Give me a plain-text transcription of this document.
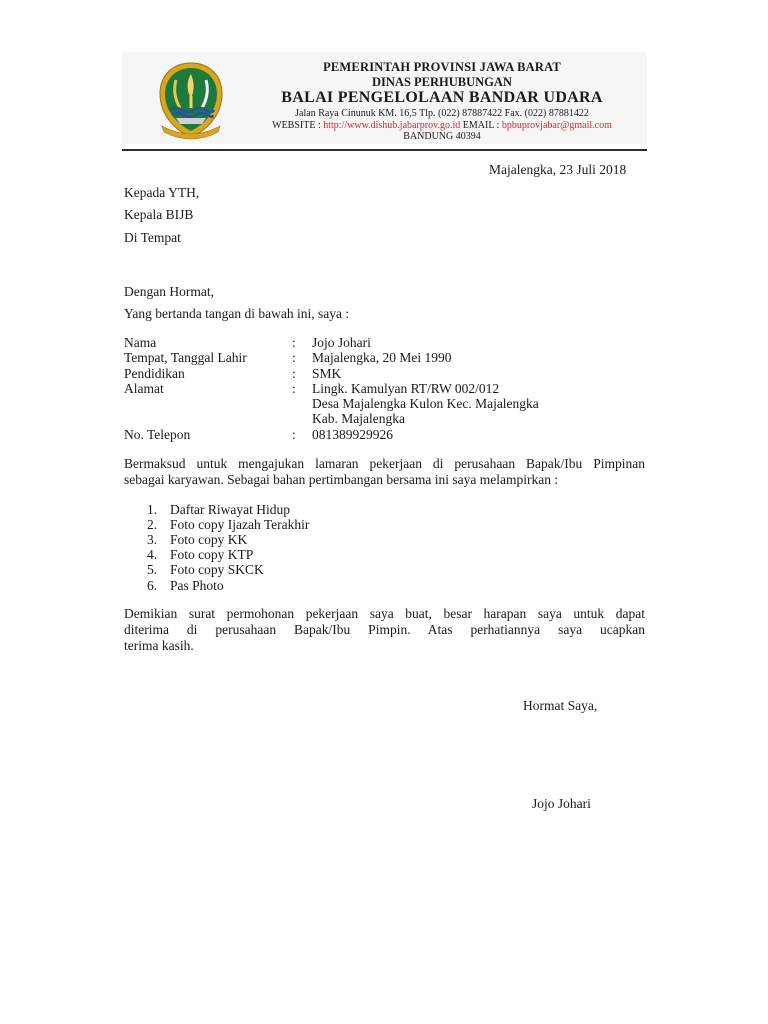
PEMERINTAH PROVINSI JAWA BARAT
DINAS PERHUBUNGAN
BALAI PENGELOLAAN BANDAR UDARA
Jalan Raya Cinunuk KM. 16,5 Tlp. (022) 87887422 Fax. (022) 87881422
WEBSITE : http://www.dishub.jabarprov.go.id EMAIL : bpbuprovjabar@gmail.com
BANDUNG 40394
Majalengka, 23 Juli 2018
Kepada YTH,
Kepala BIJB
Di Tempat
Dengan Hormat,
Yang bertanda tangan di bawah ini, saya :
Nama	: Jojo Johari
Tempat, Tanggal Lahir	: Majalengka, 20 Mei 1990
Pendidikan	: SMK
Alamat	: Lingk. Kamulyan RT/RW 002/012
Desa Majalengka Kulon Kec. Majalengka
Kab. Majalengka
No. Telepon	: 081389929926
Bermaksud untuk mengajukan lamaran pekerjaan di perusahaan Bapak/Ibu Pimpinan
sebagai karyawan. Sebagai bahan pertimbangan bersama ini saya melampirkan :
1. Daftar Riwayat Hidup
2. Foto copy Ijazah Terakhir
3. Foto copy KK
4. Foto copy KTP
5. Foto copy SKCK
6. Pas Photo
Demikian surat permohonan pekerjaan saya buat, besar harapan saya untuk dapat
diterima di perusahaan Bapak/Ibu Pimpin. Atas perhatiannya saya ucapkan
terima kasih.
Hormat Saya,
Jojo Johari
